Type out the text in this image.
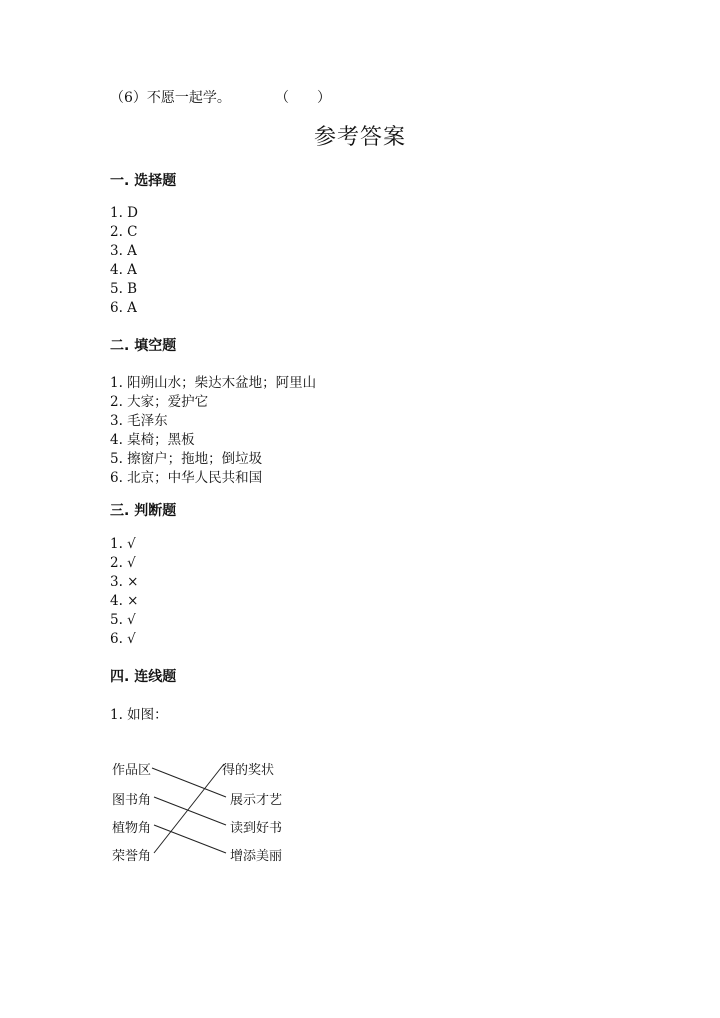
（6）不愿一起学。	（　　）
参考答案
一. 选择题
1. D
2. C
3. A
4. A
5. B
6. A
二. 填空题
1. 阳朔山水；柴达木盆地；阿里山
2. 大家；爱护它
3. 毛泽东
4. 桌椅；黑板
5. 擦窗户；拖地；倒垃圾
6. 北京；中华人民共和国
三. 判断题
1. √
2. √
3. ×
4. ×
5. √
6. √
四. 连线题
1. 如图：
作品区
图书角
植物角
荣誉角
得的奖状
展示才艺
读到好书
增添美丽
